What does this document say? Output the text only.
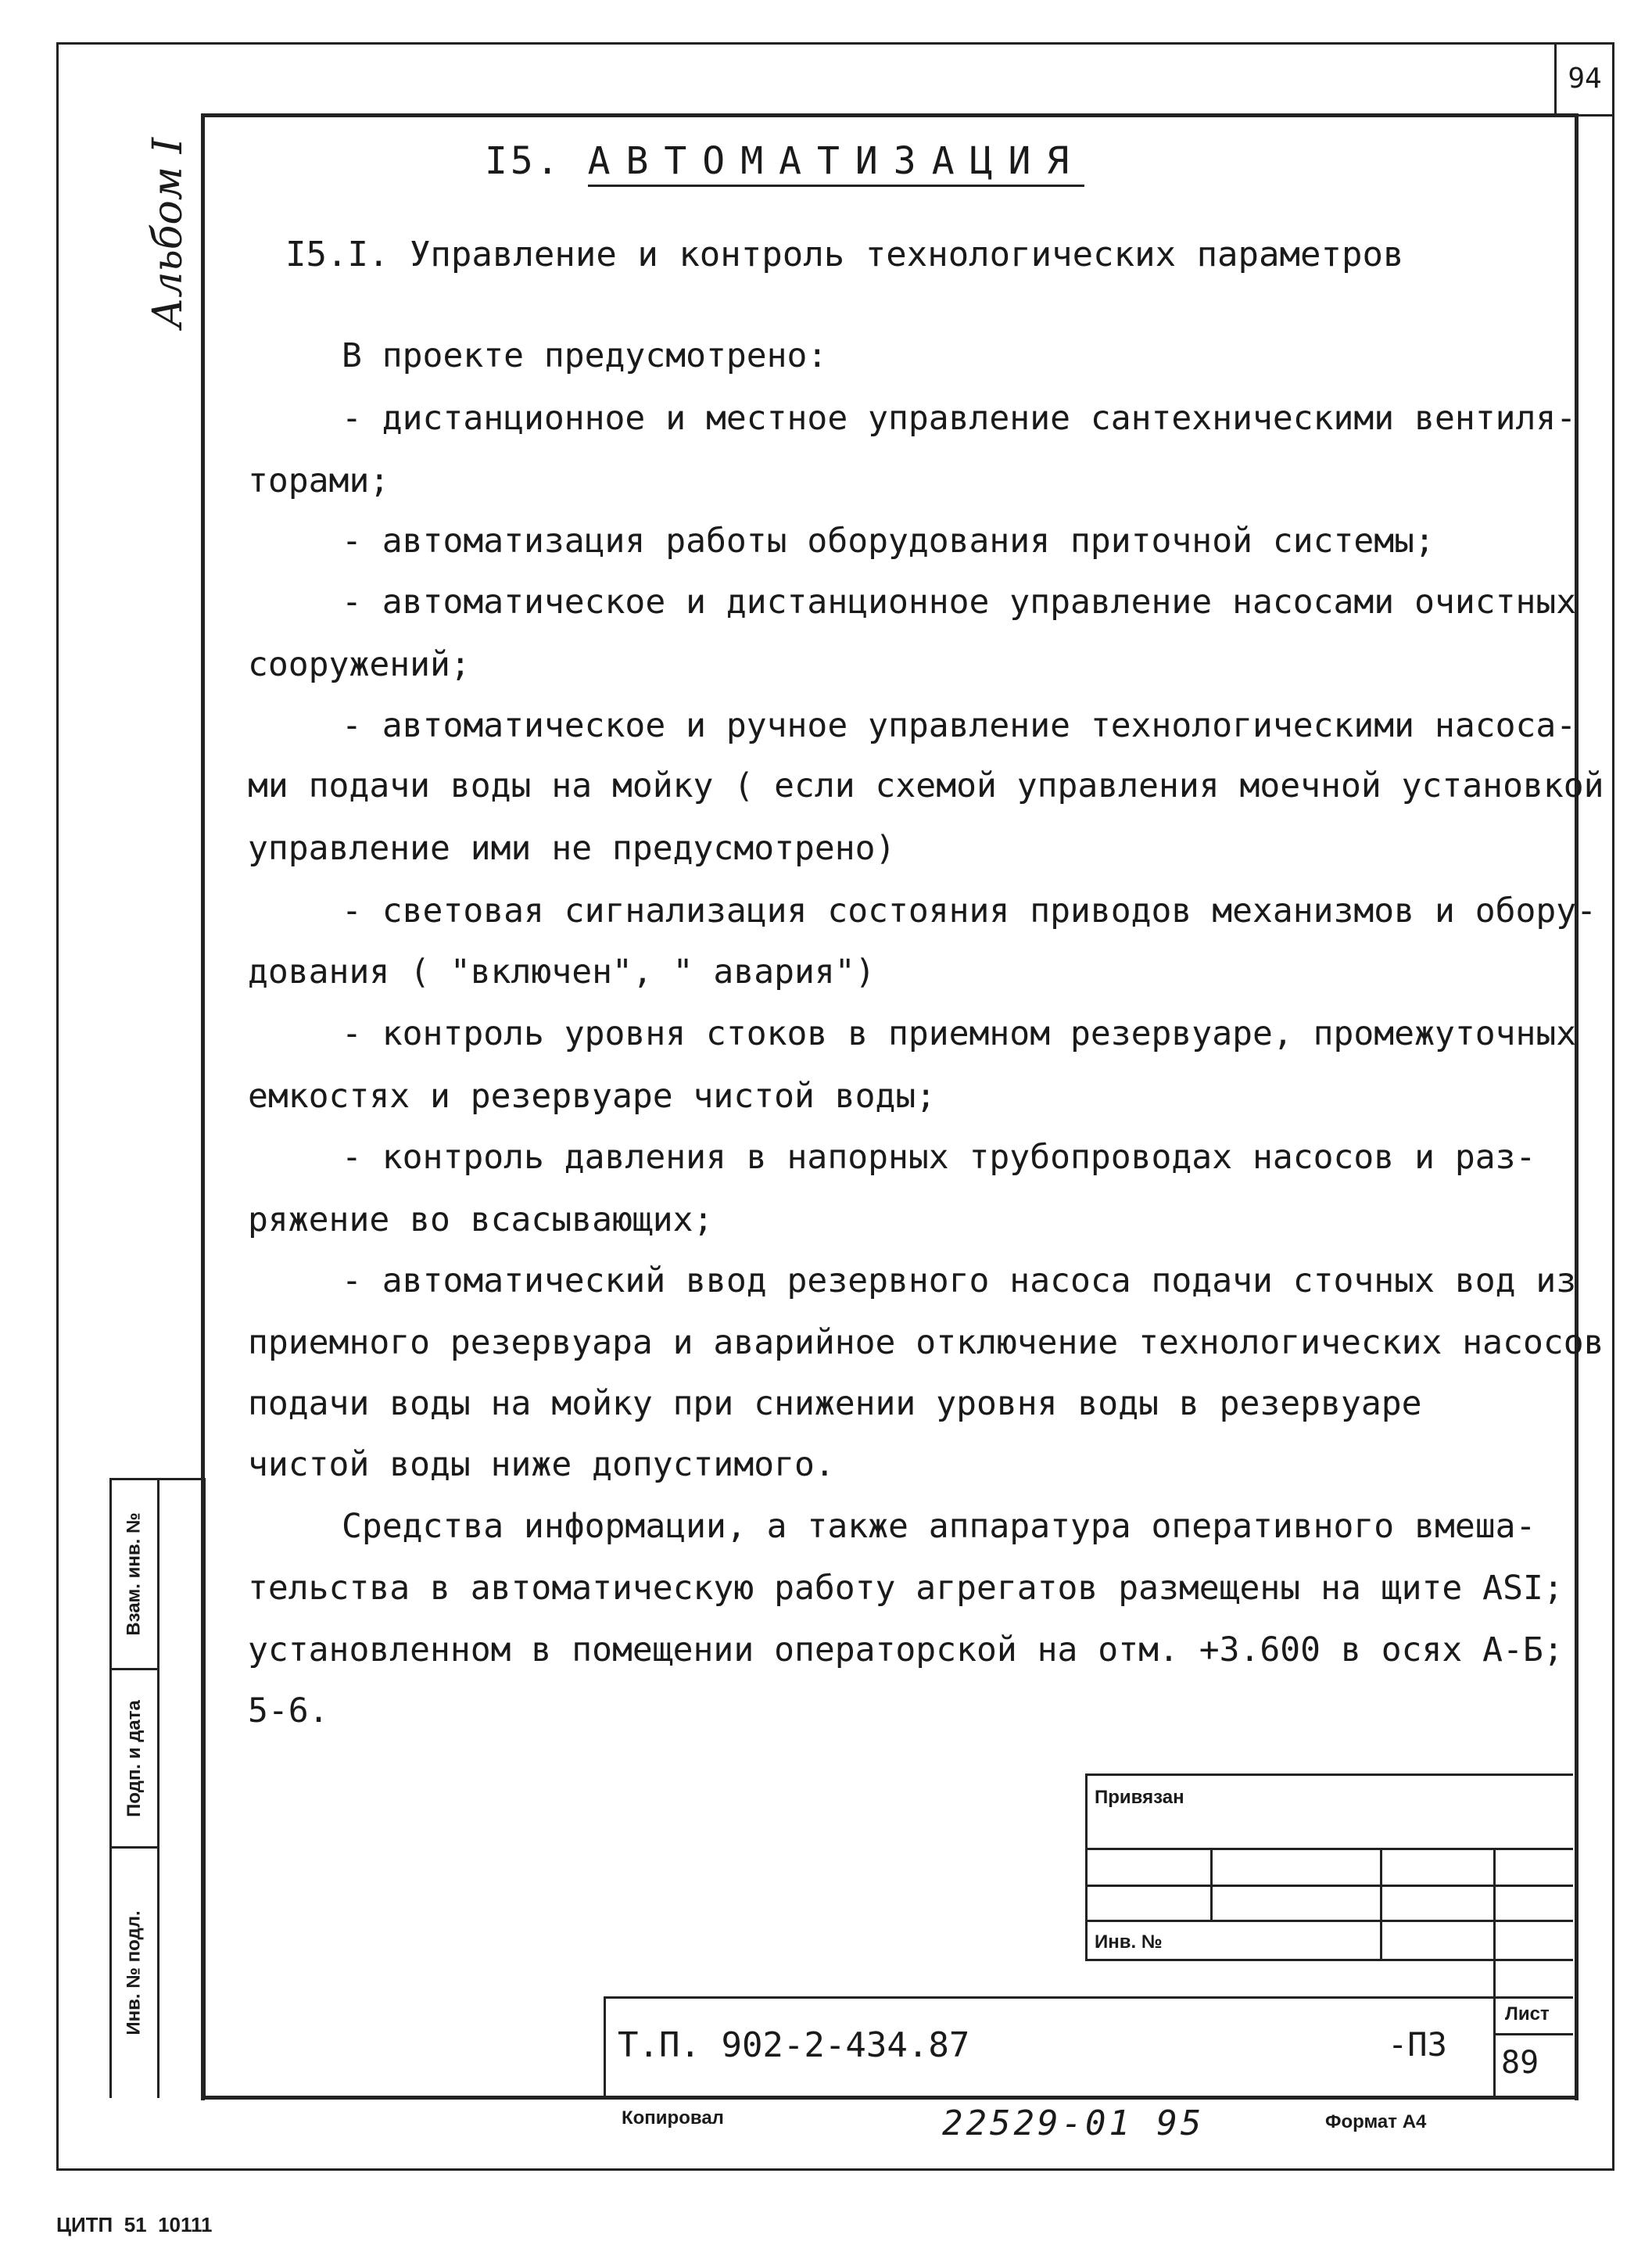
94
Альбом I	I5. АВТОМАТИЗАЦИЯ
I5.I. Управление и контроль технологических параметров
В проекте предусмотрено:
- дистанционное и местное управление сантехническими вентиля-
торами;
- автоматизация работы оборудования приточной системы;
- автоматическое и дистанционное управление насосами очистных
сооружений;
- автоматическое и ручное управление технологическими насоса-
ми подачи воды на мойку ( если схемой управления моечной установкой
управление ими не предусмотрено)
- световая сигнализация состояния приводов механизмов и обору-
дования ( "включен", " авария")
- контроль уровня стоков в приемном резервуаре, промежуточных
емкостях и резервуаре чистой воды;
- контроль давления в напорных трубопроводах насосов и раз-
ряжение во всасывающих;
- автоматический ввод резервного насоса подачи сточных вод из
приемного резервуара и аварийное отключение технологических насосов
подачи воды на мойку при снижении уровня воды в резервуаре
чистой воды ниже допустимого.
Средства информации, а также аппаратура оперативного вмеша-
тельства в автоматическую работу агрегатов размещены на щите АSI;
установленном в помещении операторской на отм. +3.600 в осях А-Б;
5-6.
Взам. инв. №
Подп. и дата
Инв. № подл.
Привязан
Инв. №
Т.П. 902-2-434.87	-ПЗ
Лист
89
Копировал	22529-01 95	Формат А4
ЦИТП  51  10111
